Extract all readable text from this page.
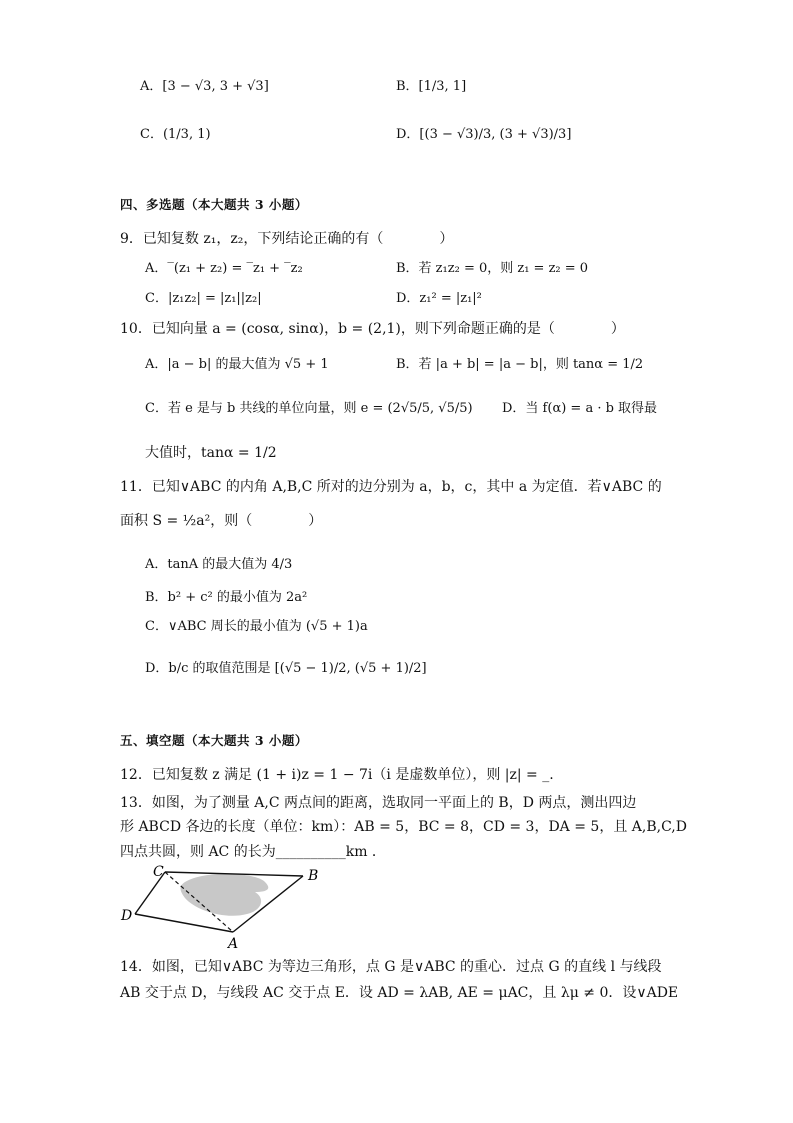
A．[3 − √3, 3 + √3]	B．[1/3, 1]
C．(1/3, 1)	D．[(3 − √3)/3, (3 + √3)/3]
四、多选题（本大题共 3 小题）
9．已知复数 z₁，z₂，下列结论正确的有（　　　　）
A．‾(z₁ + z₂) = ‾z₁ + ‾z₂	B．若 z₁z₂ = 0，则 z₁ = z₂ = 0
C．|z₁z₂| = |z₁||z₂|	D．z₁² = |z₁|²
10．已知向量 a = (cosα, sinα)，b = (2,1)，则下列命题正确的是（　　　　）
A．|a − b| 的最大值为 √5 + 1	B．若 |a + b| = |a − b|，则 tanα = 1/2
C．若 e 是与 b 共线的单位向量，则 e = (2√5/5, √5/5) D．当 f(α) = a · b 取得最
大值时，tanα = 1/2
11．已知∨ABC 的内角 A,B,C 所对的边分别为 a，b，c，其中 a 为定值．若∨ABC 的
面积 S = ½a²，则（　　　　）
A．tanA 的最大值为 4/3
B．b² + c² 的最小值为 2a²
C．∨ABC 周长的最小值为 (√5 + 1)a
D．b/c 的取值范围是 [(√5 − 1)/2, (√5 + 1)/2]
五、填空题（本大题共 3 小题）
12．已知复数 z 满足 (1 + i)z = 1 − 7i（i 是虚数单位），则 |z| = _.
13．如图，为了测量 A,C 两点间的距离，选取同一平面上的 B，D 两点，测出四边
形 ABCD 各边的长度（单位：km）：AB = 5，BC = 8，CD = 3，DA = 5，且 A,B,C,D
四点共圆，则 AC 的长为__________km ．
C	B
D
A
14．如图，已知∨ABC 为等边三角形，点 G 是∨ABC 的重心．过点 G 的直线 l 与线段
AB 交于点 D，与线段 AC 交于点 E．设 AD = λAB, AE = μAC，且 λμ ≠ 0．设∨ADE
